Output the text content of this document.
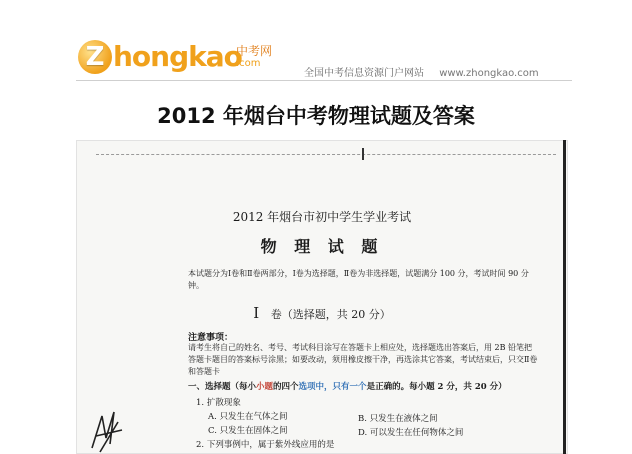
Z hongkao
中考网
.com
全国中考信息资源门户网站 www.zhongkao.com
2012 年烟台中考物理试题及答案
2012 年烟台市初中学生学业考试
物 理 试 题
本试题分为Ⅰ卷和Ⅱ卷两部分，Ⅰ卷为选择题，Ⅱ卷为非选择题，试题满分 100 分，考试时间 90 分钟。
Ⅰ 卷（选择题，共 20 分）
注意事项：
请考生将自己的姓名、考号、考试科目涂写在答题卡上相应处，选择题选出答案后，用 2B 铅笔把答题卡题目的答案标号涂黑；如要改动，须用橡皮擦干净，再选涂其它答案，考试结束后，只交Ⅱ卷和答题卡
一、选择题（每小小题的四个选项中，只有一个是正确的。每小题 2 分，共 20 分）
1. 扩散现象
A. 只发生在气体之间	B. 只发生在液体之间
C. 只发生在固体之间	D. 可以发生在任何物体之间
2. 下列事例中，属于紫外线应用的是
